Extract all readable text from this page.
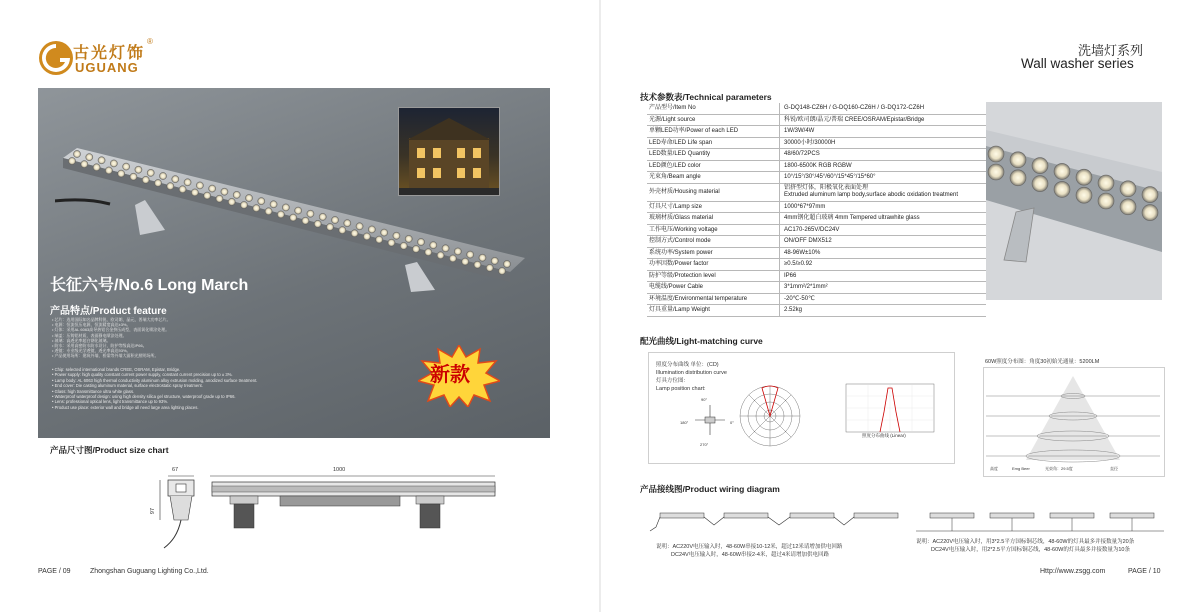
古光灯饰
®
UGUANG
长征六号/No.6 Long March
产品特点/Product feature
• 芯片：选用国际知名品牌科锐、欧司朗、晶元、普瑞大功率芯片。
• 电源：恒流恒压电源，恒流精度高达±3%。
• 灯体：采用AL 6063高导热铝合金挤压成型，表面氧化喷涂处理。
• 端盖：压铸铝材质，表面静电喷涂处理。
• 玻璃：高透光率超白钢化玻璃。
• 防水：采用高密防水防水设计，防护等级高达IP66。
• 透镜：专业级光学透镜，透光率高达93%。
• 产品使用场所：建筑外墙，桥梁等外墙大面积光照明场所。
• Chip: selected international brands CREE, OSRAM, Epistar, Bridge.
• Power supply: high quality constant current power supply, constant current precision up to ± 3%.
• Lamp body: AL 6063 high thermal conductivity aluminum alloy extrusion molding, anodized surface treatment.
• End cover: Die casting aluminum material, surface electrostatic spray treatment.
• Glass: high transmittance ultra white glass.
• Waterproof waterproof design: using high density silica gel structure, waterproof grade up to IP66.
• Lens: professional optical lens, light transmittance up to 93%.
• Product use place: exterior wall and bridge all need large area lighting places.
新款
产品尺寸图/Product size chart
67	1000
97
PAGE / 09	Zhongshan Guguang Lighting Co.,Ltd.
洗墙灯系列
Wall washer series
技术参数表/Technical parameters
产品型号/Item No	G-DQ148-CZ6H / G-DQ160-CZ6H / G-DQ172-CZ6H
光源/Light source	科锐/欧司朗/晶元/普瑞 CREE/OSRAM/Epistar/Bridge
单颗LED功率/Power of each LED	1W/3W/4W
LED寿命/LED Life span	30000小时/30000H
LED数量/LED Quantity	48/60/72PCS
LED颜色/LED color	1800-6500K RGB RGBW
光束角/Beam angle	10°/15°/30°/45°/60°/15*45°/15*60°
外壳材质/Housing material	铝挤型灯体，阳极氧化表面处理
Extruded aluminum lamp body,surface abodic oxidation treatment

灯具尺寸/Lamp size	1000*67*97mm
玻璃材质/Glass material	4mm钢化超白玻璃 4mm Tempered ultrawhite glass
工作电压/Working voltage	AC170-265V/DC24V
控制方式/Control mode	ON/OFF DMX512
系统功率/System power	48-96W±10%
功率因数/Power factor	≥0.5/≥0.92
防护等级/Protection level	IP66
电缆线/Power Cable	3*1mm²/2*1mm²
环境温度/Environmental temperature	-20℃-50℃
灯具重量/Lamp Weight	2.52kg
配光曲线/Light-matching curve
照度分布曲线 单位：(CD)
Illumination distribution curve
灯具方位图:
Lamp position chart:
90°
0°
180°
270°
照度分布曲线 (Linear)
60W照度分布图：角度30初始光通量：5200LM
高度	Emg Beer	光束角：29.5度	直径
产品接线图/Product wiring diagram
说明：AC220V电压输入时，48-60W串接10-12米，超过12米请增加供电回路
DC24V电压输入时，48-60W串接2-4米，超过4米请增加供电回路
说明：AC220V电压输入时，用3*2.5平方国标铜芯线，48-60W的灯具最多并接数量为20条
DC24V电压输入时，用2*2.5平方国标铜芯线，48-60W的灯具最多并接数量为10条
Http://www.zsgg.com	PAGE / 10
